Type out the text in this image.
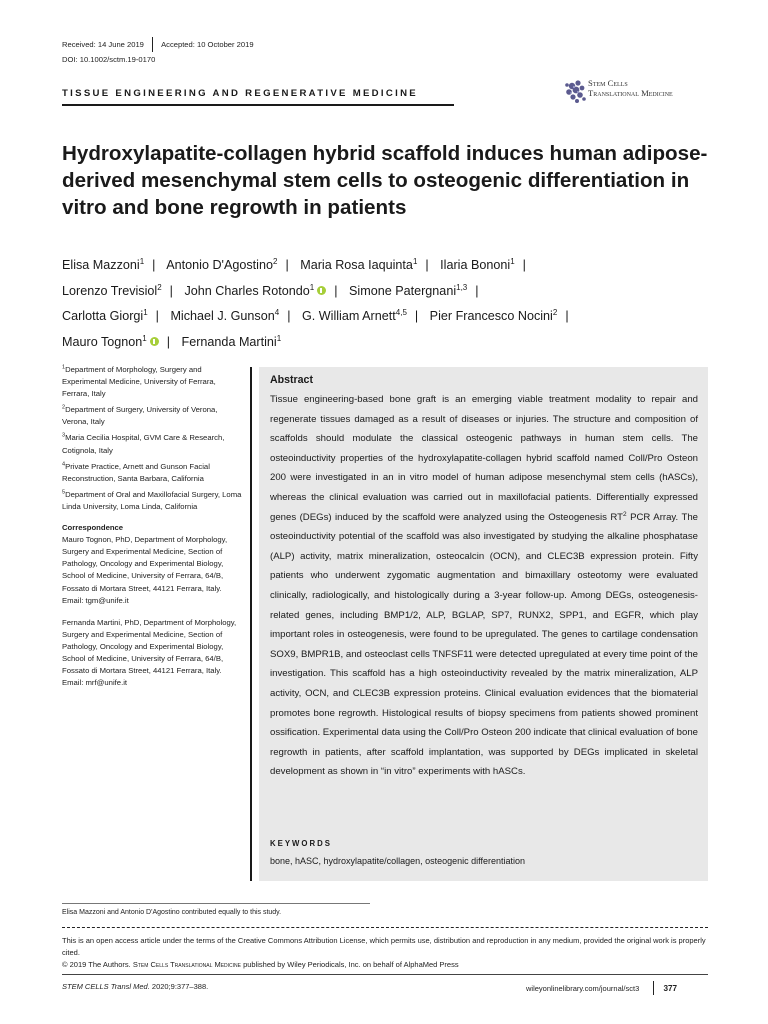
Received: 14 June 2019 Accepted: 10 October 2019
DOI: 10.1002/sctm.19-0170
TISSUE ENGINEERING AND REGENERATIVE MEDICINE
Stem Cells
Translational Medicine
Hydroxylapatite-collagen hybrid scaffold induces human adipose-derived mesenchymal stem cells to osteogenic differentiation in vitro and bone regrowth in patients
Elisa Mazzoni$^1$ | Antonio D'Agostino$^2$ | Maria Rosa Iaquinta$^1$ | Ilaria Bononi$^1$ |
Lorenzo Trevisiol$^2$ | John Charles Rotondo$^1$ | Simone Patergnani$^{1,3}$ |
Carlotta Giorgi$^1$ | Michael J. Gunson$^4$ | G. William Arnett$^{4,5}$ | Pier Francesco Nocini$^2$ |
Mauro Tognon$^1$ | Fernanda Martini$^1$
$^1$Department of Morphology, Surgery and Experimental Medicine, University of Ferrara, Ferrara, Italy
$^2$Department of Surgery, University of Verona, Verona, Italy
$^3$Maria Cecilia Hospital, GVM Care & Research, Cotignola, Italy
$^4$Private Practice, Arnett and Gunson Facial Reconstruction, Santa Barbara, California
$^5$Department of Oral and Maxillofacial Surgery, Loma Linda University, Loma Linda, California
Correspondence
Mauro Tognon, PhD, Department of Morphology, Surgery and Experimental Medicine, Section of Pathology, Oncology and Experimental Biology, School of Medicine, University of Ferrara, 64/B, Fossato di Mortara Street, 44121 Ferrara, Italy.
Email: tgm@unife.it
Fernanda Martini, PhD, Department of Morphology, Surgery and Experimental Medicine, Section of Pathology, Oncology and Experimental Biology, School of Medicine, University of Ferrara, 64/B, Fossato di Mortara Street, 44121 Ferrara, Italy.
Email: mrf@unife.it
Abstract
Tissue engineering-based bone graft is an emerging viable treatment modality to repair and regenerate tissues damaged as a result of diseases or injuries. The structure and composition of scaffolds should modulate the classical osteogenic pathways in human stem cells. The osteoinductivity properties of the hydroxylapatite-collagen hybrid scaffold named Coll/Pro Osteon 200 were investigated in an in vitro model of human adipose mesenchymal stem cells (hASCs), whereas the clinical evaluation was carried out in maxillofacial patients. Differentially expressed genes (DEGs) induced by the scaffold were analyzed using the Osteogenesis $RT^2$ PCR Array. The osteoinductivity potential of the scaffold was also investigated by studying the alkaline phosphatase (ALP) activity, matrix mineralization, osteocalcin (OCN), and CLEC3B expression protein. Fifty patients who underwent zygomatic augmentation and bimaxillary osteotomy were evaluated clinically, radiologically, and histologically during a 3-year follow-up. Among DEGs, osteogenesis-related genes, including BMP1/2, ALP, BGLAP, SP7, RUNX2, SPP1, and EGFR, which play important roles in osteogenesis, were found to be upregulated. The genes to cartilage condensation SOX9, BMPR1B, and osteoclast cells TNFSF11 were detected upregulated at every time point of the investigation. This scaffold has a high osteoinductivity revealed by the matrix mineralization, ALP activity, OCN, and CLEC3B expression proteins. Clinical evaluation evidences that the biomaterial promotes bone regrowth. Histological results of biopsy specimens from patients showed prominent ossification. Experimental data using the Coll/Pro Osteon 200 indicate that clinical evaluation of bone regrowth in patients, after scaffold implantation, was supported by DEGs implicated in skeletal development as shown in “in vitro” experiments with hASCs.
KEYWORDS
bone, hASC, hydroxylapatite/collagen, osteogenic differentiation
Elisa Mazzoni and Antonio D'Agostino contributed equally to this study.
This is an open access article under the terms of the Creative Commons Attribution License, which permits use, distribution and reproduction in any medium, provided the original work is properly cited.
© 2019 The Authors. Stem Cells Translational Medicine published by Wiley Periodicals, Inc. on behalf of AlphaMed Press
STEM CELLS Transl Med. 2020;9:377–388.	wileyonlinelibrary.com/journal/sct3	377
